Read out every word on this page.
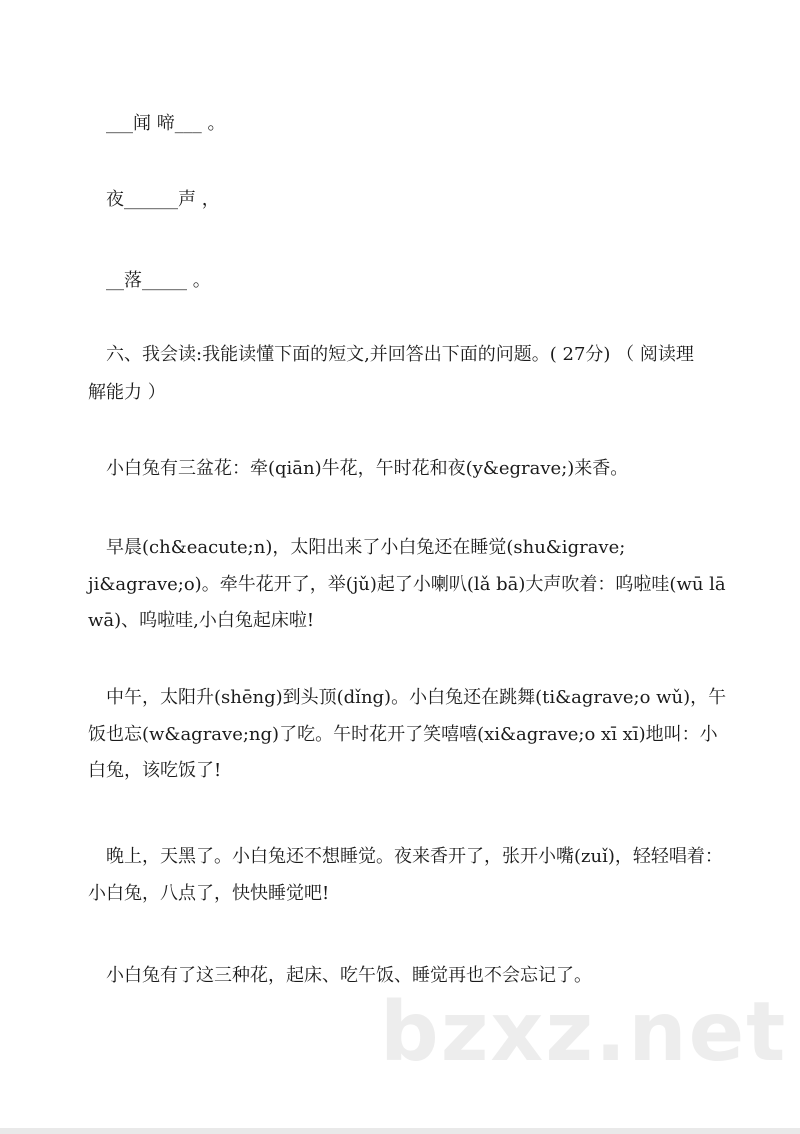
___闻 啼___ 。
夜______声 ，
__落_____ 。
六、我会读:我能读懂下面的短文,并回答出下面的问题。( 27分) （ 阅读理
解能力 ）
小白兔有三盆花：牵(qiān)牛花，午时花和夜(y&egrave;)来香。
早晨(ch&eacute;n)，太阳出来了小白兔还在睡觉(shu&igrave; ji&agrave;o)。牵牛花开了，举(jǔ)起了小喇叭(lǎ bā)大声吹着：呜啦哇(wū lā wā)、呜啦哇,小白兔起床啦!
中午，太阳升(shēng)到头顶(dǐng)。小白兔还在跳舞(ti&agrave;o wǔ)，午饭也忘(w&agrave;ng)了吃。午时花开了笑嘻嘻(xi&agrave;o xī xī)地叫：小白兔，该吃饭了!
晚上，天黑了。小白兔还不想睡觉。夜来香开了，张开小嘴(zuǐ)，轻轻唱着：小白兔，八点了，快快睡觉吧!
小白兔有了这三种花，起床、吃午饭、睡觉再也不会忘记了。
bzxz.net
